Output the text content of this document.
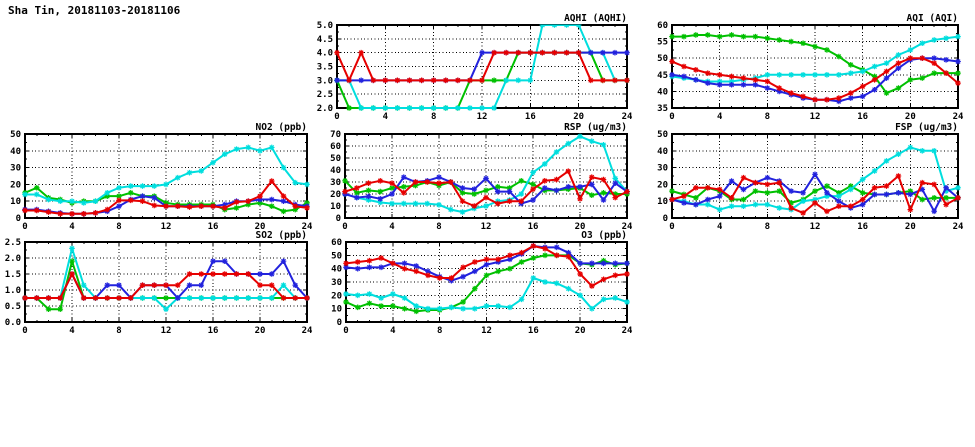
Sha Tin, 20181103-20181106
2.0
2.5
3.0
3.5
4.0
4.5
5.0
0	4	8	12	16	20	24
AQHI (AQHI)
35
40
45
50
55
60
0	4	8	12	16	20	24
AQI (AQI)
0
10
20
30
40
50
0	4	8	12	16	20	24
NO2 (ppb)
0
10
20
30
40
50
60
70
0	4	8	12	16	20	24
RSP (ug/m3)
0
10
20
30
40
50
0	4	8	12	16	20	24
FSP (ug/m3)
0.0
0.5
1.0
1.5
2.0
2.5
0	4	8	12	16	20	24
SO2 (ppb)
0
10
20
30
40
50
60
0	4	8	12	16	20	24
O3 (ppb)
